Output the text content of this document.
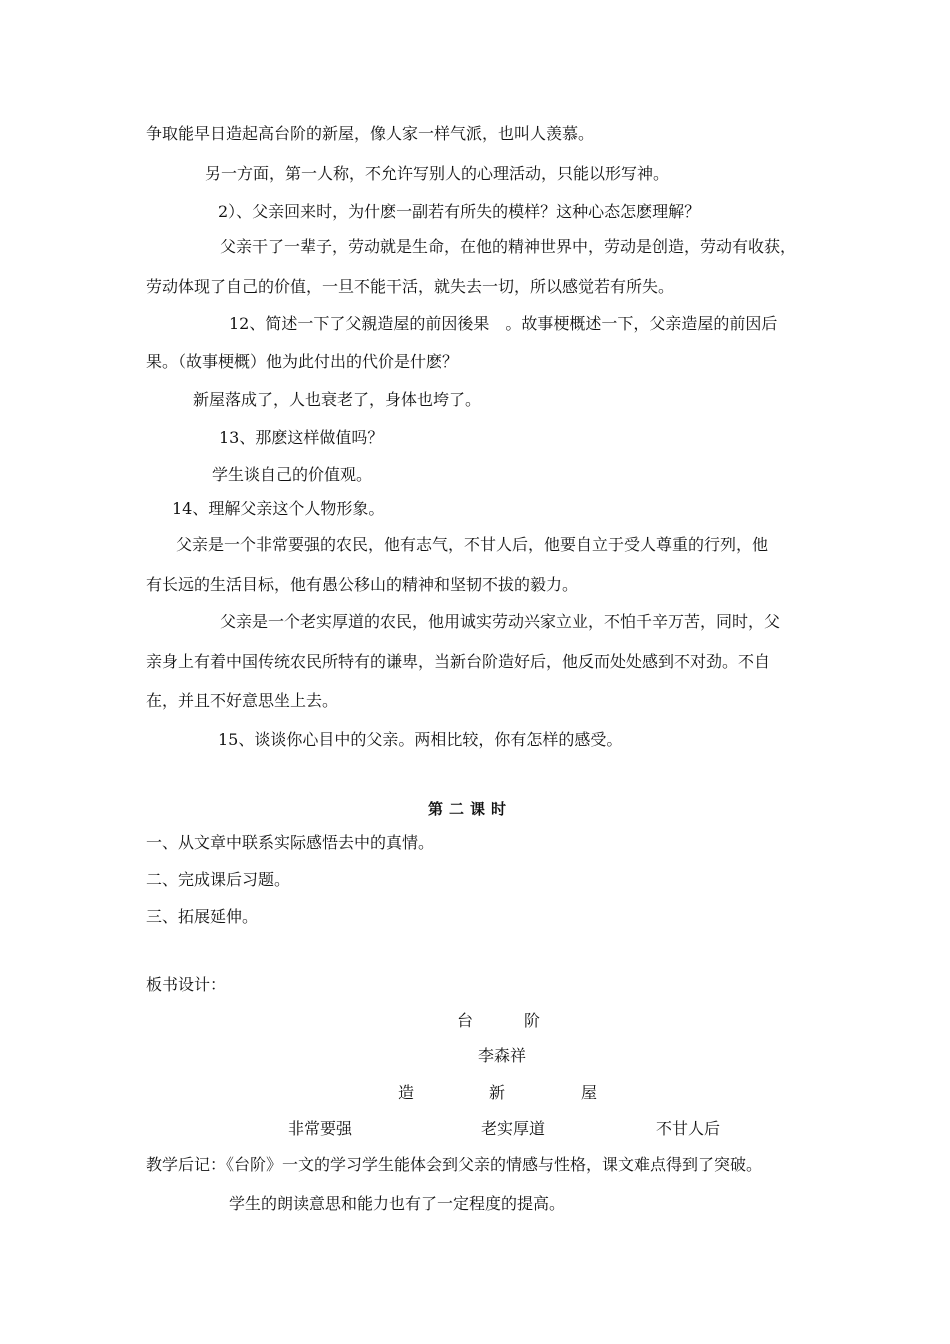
争取能早日造起高台阶的新屋，像人家一样气派，也叫人羡慕。
另一方面，第一人称，不允许写别人的心理活动，只能以形写神。
2）、父亲回来时，为什麽一副若有所失的模样？这种心态怎麽理解？
父亲干了一辈子，劳动就是生命，在他的精神世界中，劳动是创造，劳动有收获，
劳动体现了自己的价值，一旦不能干活，就失去一切，所以感觉若有所失。
12、简述一下了父親造屋的前因後果　。故事梗概述一下，父亲造屋的前因后
果。（故事梗概）他为此付出的代价是什麽？
新屋落成了，人也衰老了，身体也垮了。
13、那麽这样做值吗？
学生谈自己的价值观。
14、理解父亲这个人物形象。
父亲是一个非常要强的农民，他有志气，不甘人后，他要自立于受人尊重的行列，他
有长远的生活目标，他有愚公移山的精神和坚韧不拔的毅力。
父亲是一个老实厚道的农民，他用诚实劳动兴家立业，不怕千辛万苦，同时，父
亲身上有着中国传统农民所特有的谦卑，当新台阶造好后，他反而处处感到不对劲。不自
在，并且不好意思坐上去。
15、谈谈你心目中的父亲。两相比较，你有怎样的感受。
第二课时
一、从文章中联系实际感悟去中的真情。
二、完成课后习题。
三、拓展延伸。
板书设计：
台	阶
李森祥
造	新	屋
非常要强	老实厚道	不甘人后
教学后记：《台阶》一文的学习学生能体会到父亲的情感与性格，课文难点得到了突破。
学生的朗读意思和能力也有了一定程度的提高。
